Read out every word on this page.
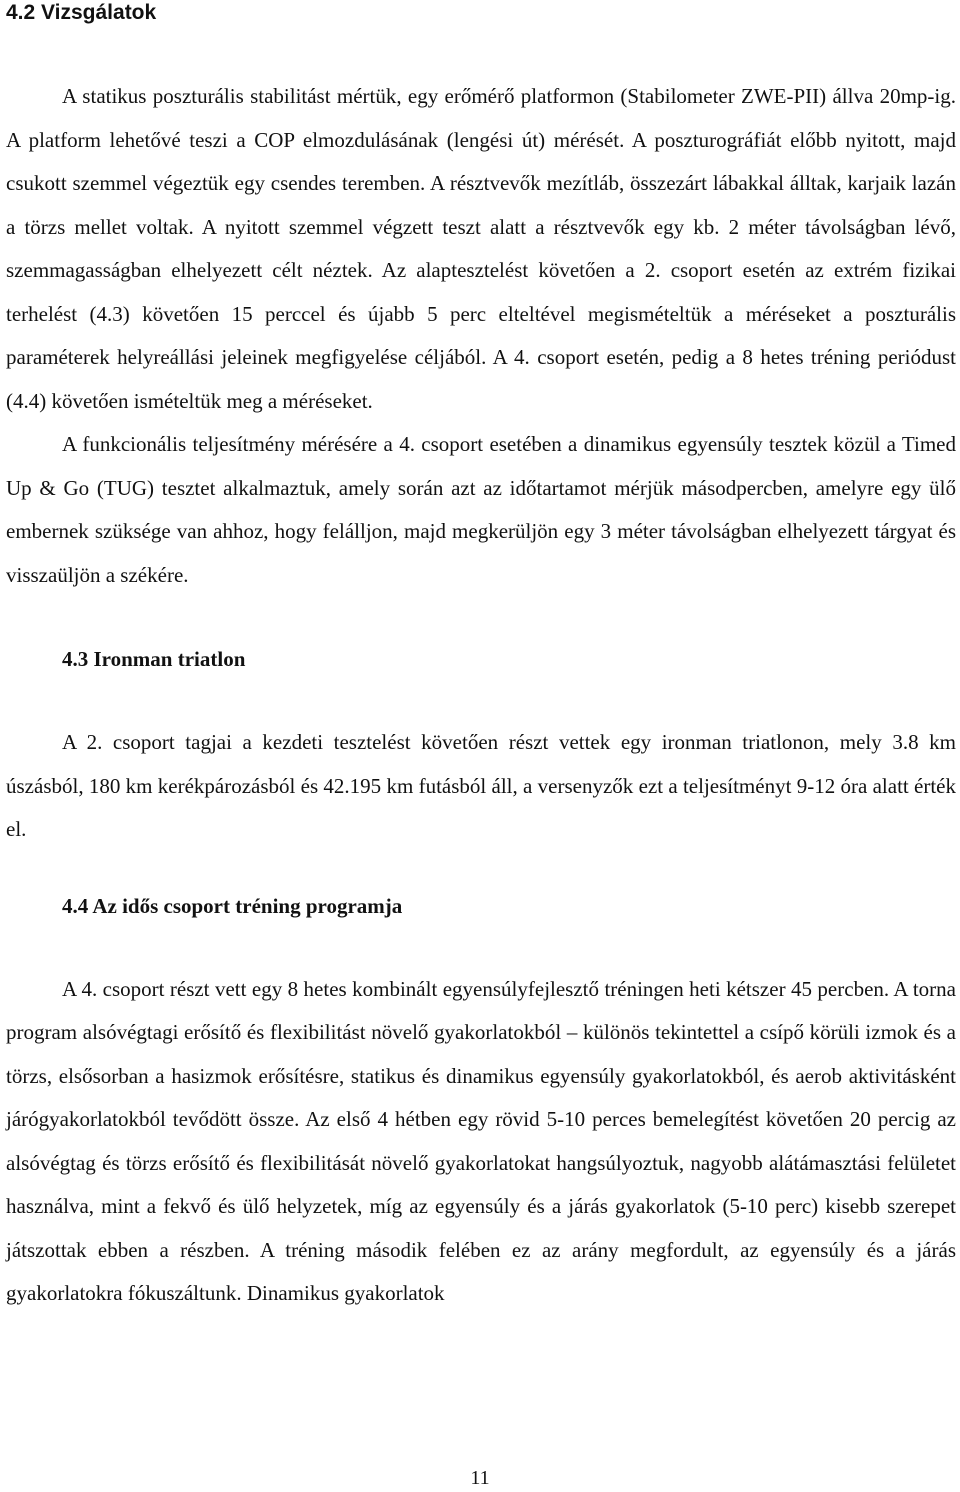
4.2 Vizsgálatok

A statikus poszturális stabilitást mértük, egy erőmérő platformon (Stabilometer ZWE-PII) állva 20mp-ig. A platform lehetővé teszi a COP elmozdulásának (lengési út) mérését. A poszturográfiát előbb nyitott, majd csukott szemmel végeztük egy csendes teremben. A résztvevők mezítláb, összezárt lábakkal álltak, karjaik lazán a törzs mellet voltak. A nyitott szemmel végzett teszt alatt a résztvevők egy kb. 2 méter távolságban lévő, szemmagasságban elhelyezett célt néztek. Az alaptesztelést követően a 2. csoport esetén az extrém fizikai terhelést (4.3) követően 15 perccel és újabb 5 perc elteltével megismételtük a méréseket a poszturális paraméterek helyreállási jeleinek megfigyelése céljából. A 4. csoport esetén, pedig a 8 hetes tréning periódust (4.4) követően ismételtük meg a méréseket.

A funkcionális teljesítmény mérésére a 4. csoport esetében a dinamikus egyensúly tesztek közül a Timed Up & Go (TUG) tesztet alkalmaztuk, amely során azt az időtartamot mérjük másodpercben, amelyre egy ülő embernek szüksége van ahhoz, hogy felálljon, majd megkerüljön egy 3 méter távolságban elhelyezett tárgyat és visszaüljön a székére.

4.3 Ironman triatlon

A 2. csoport tagjai a kezdeti tesztelést követően részt vettek egy ironman triatlonon, mely 3.8 km úszásból, 180 km kerékpározásból és 42.195 km futásból áll, a versenyzők ezt a teljesítményt 9-12 óra alatt érték el.

4.4 Az idős csoport tréning programja

A 4. csoport részt vett egy 8 hetes kombinált egyensúlyfejlesztő tréningen heti kétszer 45 percben. A torna program alsóvégtagi erősítő és flexibilitást növelő gyakorlatokból – különös tekintettel a csípő körüli izmok és a törzs, elsősorban a hasizmok erősítésre, statikus és dinamikus egyensúly gyakorlatokból, és aerob aktivitásként járógyakorlatokból tevődött össze. Az első 4 hétben egy rövid 5-10 perces bemelegítést követően 20 percig az alsóvégtag és törzs erősítő és flexibilitását növelő gyakorlatokat hangsúlyoztuk, nagyobb alátámasztási felületet használva, mint a fekvő és ülő helyzetek, míg az egyensúly és a járás gyakorlatok (5-10 perc) kisebb szerepet játszottak ebben a részben. A tréning második felében ez az arány megfordult, az egyensúly és a járás gyakorlatokra fókuszáltunk. Dinamikus gyakorlatok

11
